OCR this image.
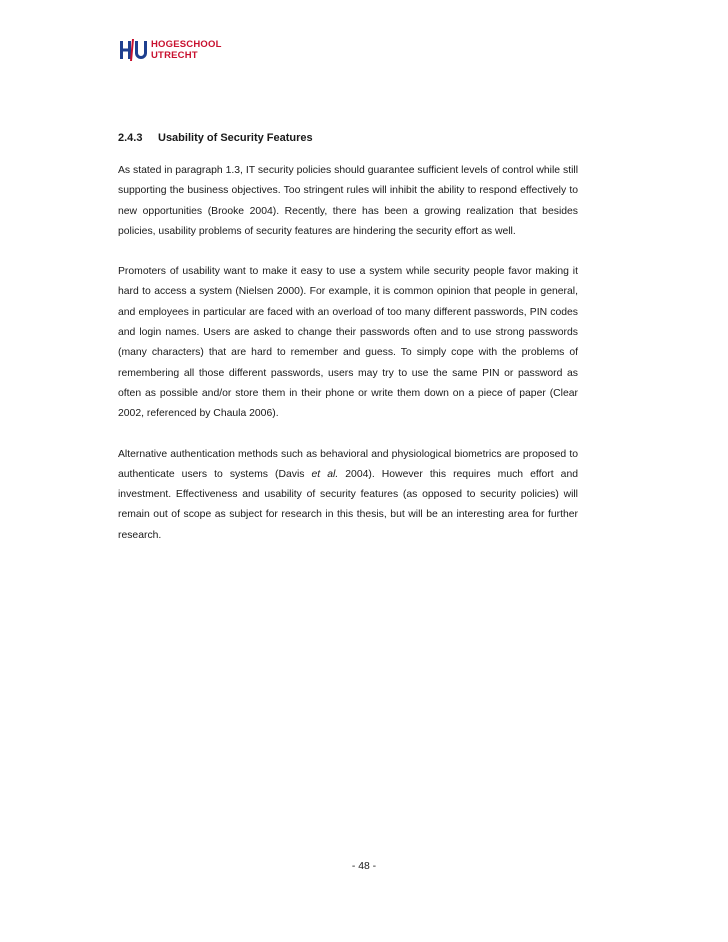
HOGESCHOOL
UTRECHT
2.4.3	Usability of Security Features

As stated in paragraph 1.3, IT security policies should guarantee sufficient levels of control while still supporting the business objectives. Too stringent rules will inhibit the ability to respond effectively to new opportunities (Brooke 2004). Recently, there has been a growing realization that besides policies, usability problems of security features are hindering the security effort as well.

Promoters of usability want to make it easy to use a system while security people favor making it hard to access a system (Nielsen 2000). For example, it is common opinion that people in general, and employees in particular are faced with an overload of too many different passwords, PIN codes and login names. Users are asked to change their passwords often and to use strong passwords (many characters) that are hard to remember and guess. To simply cope with the problems of remembering all those different passwords, users may try to use the same PIN or password as often as possible and/or store them in their phone or write them down on a piece of paper (Clear 2002, referenced by Chaula 2006).

Alternative authentication methods such as behavioral and physiological biometrics are proposed to authenticate users to systems (Davis et al. 2004). However this requires much effort and investment. Effectiveness and usability of security features (as opposed to security policies) will remain out of scope as subject for research in this thesis, but will be an interesting area for further research.

- 48 -
